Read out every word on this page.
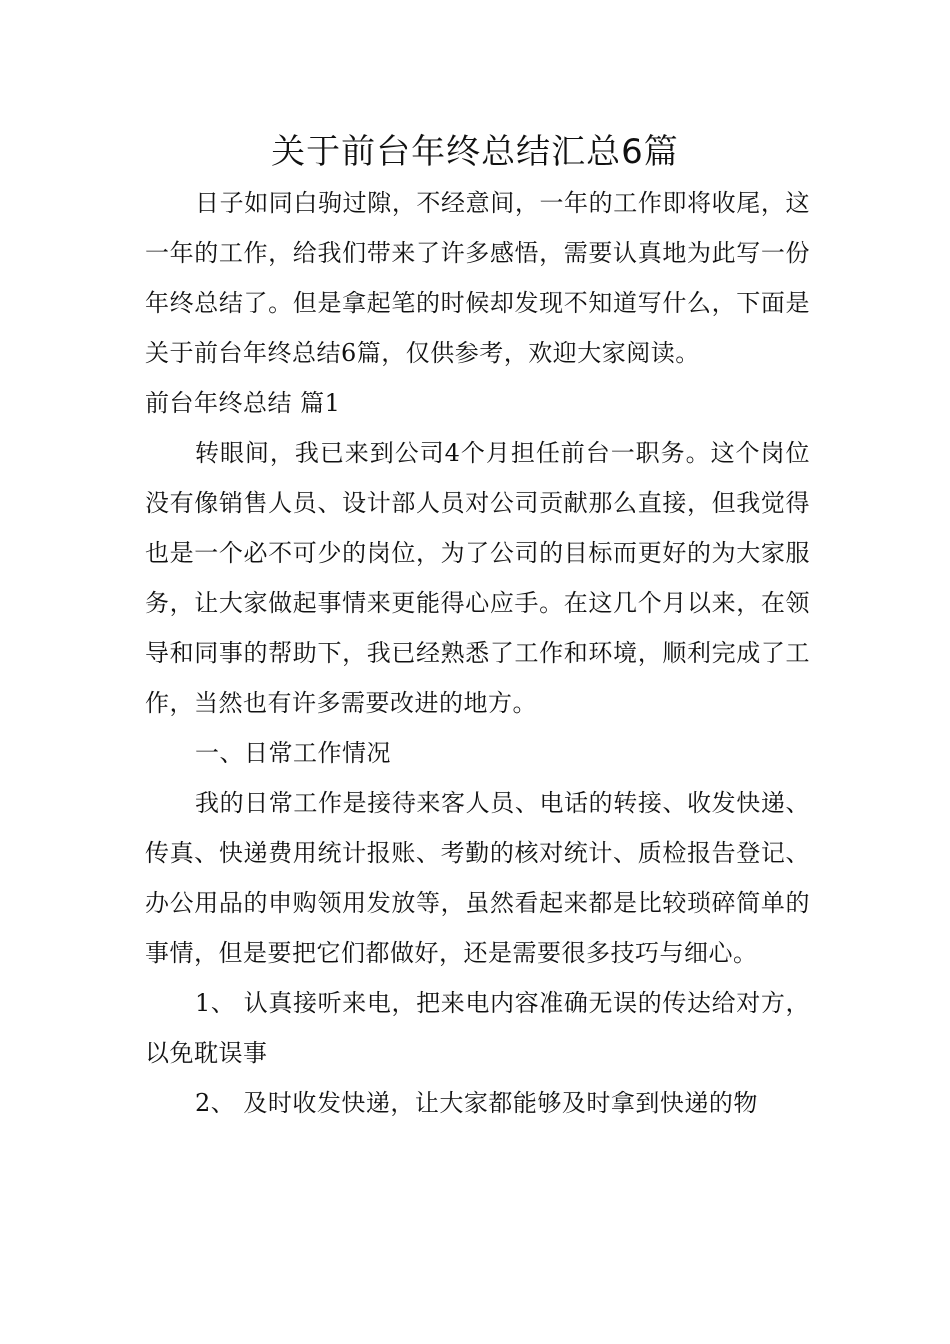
关于前台年终总结汇总6篇

日子如同白驹过隙，不经意间，一年的工作即将收尾，这一年的工作，给我们带来了许多感悟，需要认真地为此写一份年终总结了。但是拿起笔的时候却发现不知道写什么，下面是关于前台年终总结6篇，仅供参考，欢迎大家阅读。

前台年终总结 篇1

转眼间，我已来到公司4个月担任前台一职务。这个岗位没有像销售人员、设计部人员对公司贡献那么直接，但我觉得也是一个必不可少的岗位，为了公司的目标而更好的为大家服务，让大家做起事情来更能得心应手。在这几个月以来，在领导和同事的帮助下，我已经熟悉了工作和环境，顺利完成了工作，当然也有许多需要改进的地方。

一、日常工作情况

我的日常工作是接待来客人员、电话的转接、收发快递、传真、快递费用统计报账、考勤的核对统计、质检报告登记、办公用品的申购领用发放等，虽然看起来都是比较琐碎简单的事情，但是要把它们都做好，还是需要很多技巧与细心。

1、 认真接听来电，把来电内容准确无误的传达给对方，以免耽误事

2、 及时收发快递，让大家都能够及时拿到快递的物
